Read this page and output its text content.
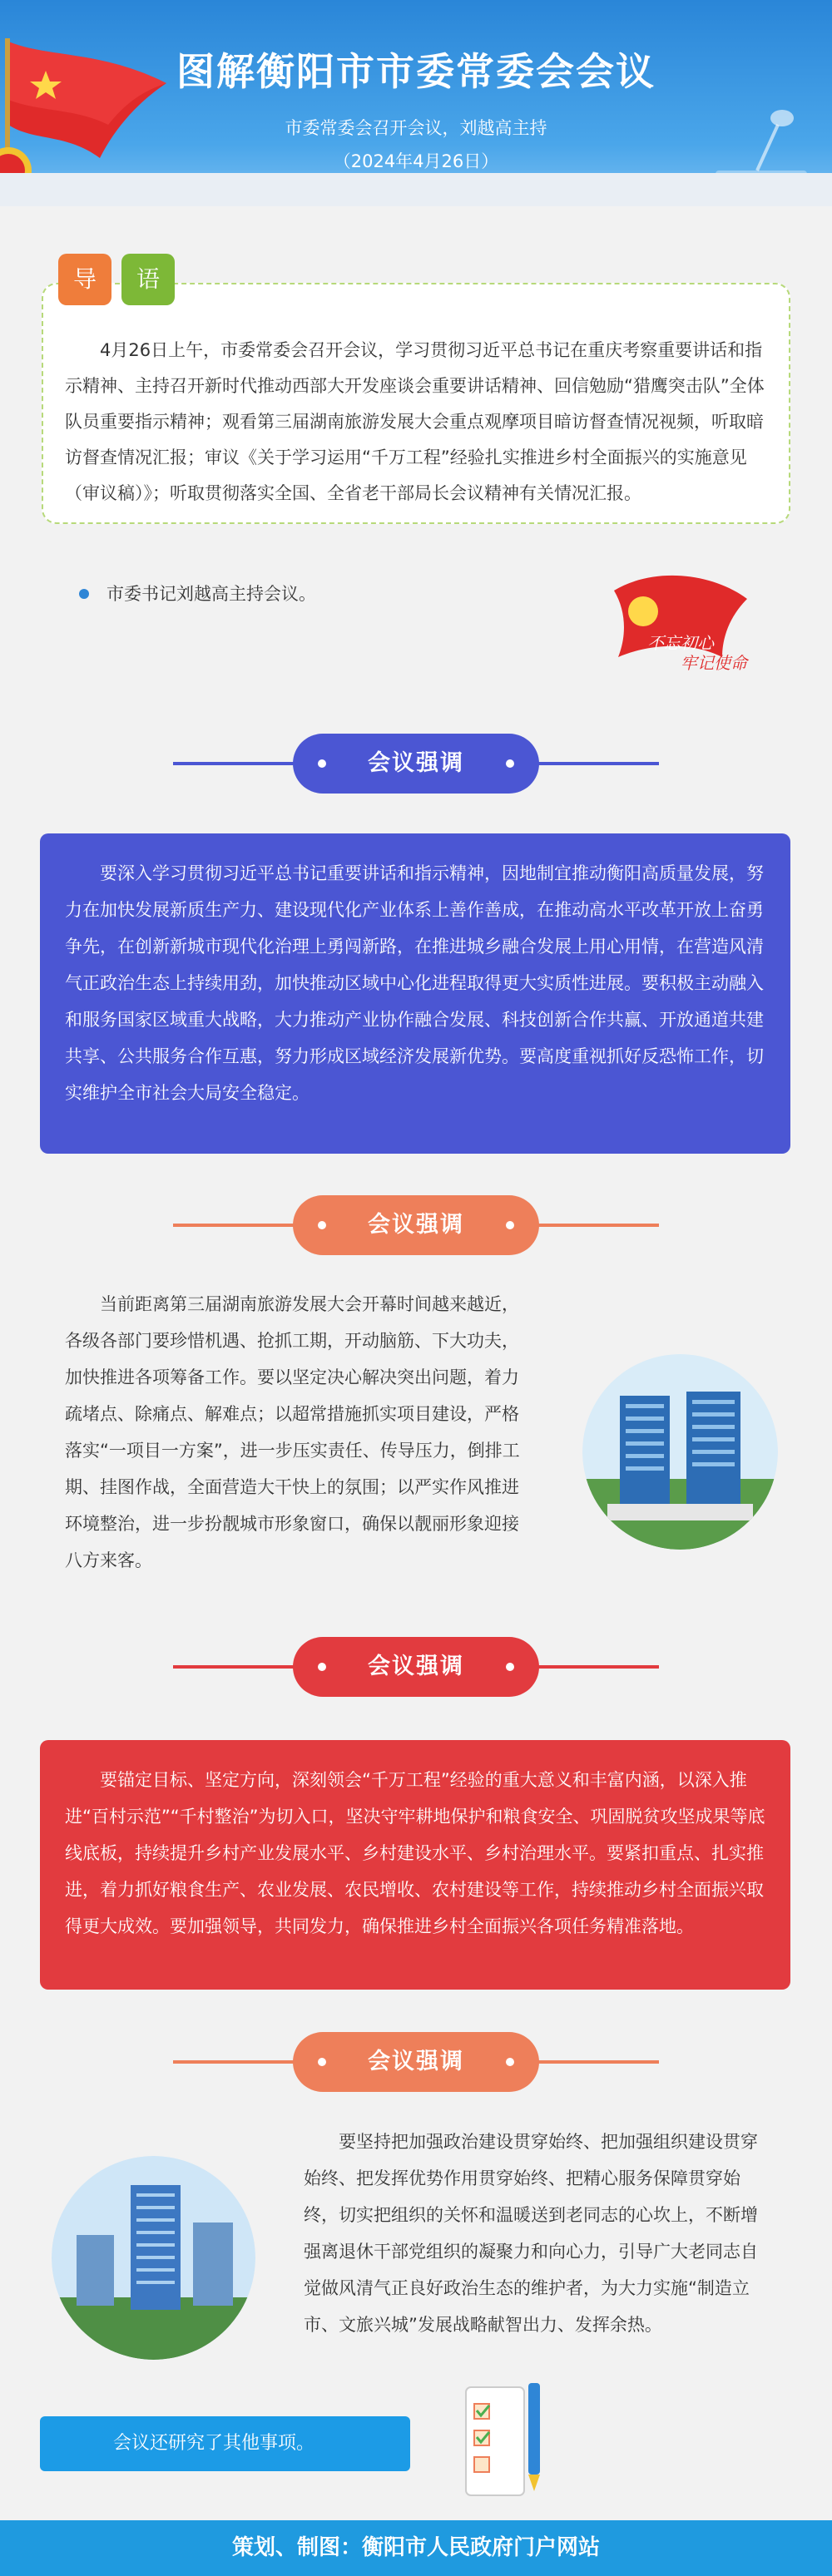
图解衡阳市市委常委会会议
市委常委会召开会议，刘越高主持
（2024年4月26日）
导	语

4月26日上午，市委常委会召开会议，学习贯彻习近平总书记在重庆考察重要讲话和指示精神、主持召开新时代推动西部大开发座谈会重要讲话精神、回信勉励“猎鹰突击队”全体队员重要指示精神；观看第三届湖南旅游发展大会重点观摩项目暗访督查情况视频，听取暗访督查情况汇报；审议《关于学习运用“千万工程”经验扎实推进乡村全面振兴的实施意见（审议稿）》；听取贯彻落实全国、全省老干部局长会议精神有关情况汇报。

市委书记刘越高主持会议。
不忘初心
牢记使命
会议强调
要深入学习贯彻习近平总书记重要讲话和指示精神，因地制宜推动衡阳高质量发展，努力在加快发展新质生产力、建设现代化产业体系上善作善成，在推动高水平改革开放上奋勇争先，在创新新城市现代化治理上勇闯新路，在推进城乡融合发展上用心用情，在营造风清气正政治生态上持续用劲，加快推动区域中心化进程取得更大实质性进展。要积极主动融入和服务国家区域重大战略，大力推动产业协作融合发展、科技创新合作共赢、开放通道共建共享、公共服务合作互惠，努力形成区域经济发展新优势。要高度重视抓好反恐怖工作，切实维护全市社会大局安全稳定。
会议强调
当前距离第三届湖南旅游发展大会开幕时间越来越近，各级各部门要珍惜机遇、抢抓工期，开动脑筋、下大功夫，加快推进各项筹备工作。要以坚定决心解决突出问题，着力疏堵点、除痛点、解难点；以超常措施抓实项目建设，严格落实“一项目一方案”，进一步压实责任、传导压力，倒排工期、挂图作战，全面营造大干快上的氛围；以严实作风推进环境整治，进一步扮靓城市形象窗口，确保以靓丽形象迎接八方来客。
会议强调
要锚定目标、坚定方向，深刻领会“千万工程”经验的重大意义和丰富内涵，以深入推进“百村示范”“千村整治”为切入口，坚决守牢耕地保护和粮食安全、巩固脱贫攻坚成果等底线底板，持续提升乡村产业发展水平、乡村建设水平、乡村治理水平。要紧扣重点、扎实推进，着力抓好粮食生产、农业发展、农民增收、农村建设等工作，持续推动乡村全面振兴取得更大成效。要加强领导，共同发力，确保推进乡村全面振兴各项任务精准落地。
会议强调
要坚持把加强政治建设贯穿始终、把加强组织建设贯穿始终、把发挥优势作用贯穿始终、把精心服务保障贯穿始终，切实把组织的关怀和温暖送到老同志的心坎上，不断增强离退休干部党组织的凝聚力和向心力，引导广大老同志自觉做风清气正良好政治生态的维护者，为大力实施“制造立市、文旅兴城”发展战略献智出力、发挥余热。
会议还研究了其他事项。
策划、制图：衡阳市人民政府门户网站
